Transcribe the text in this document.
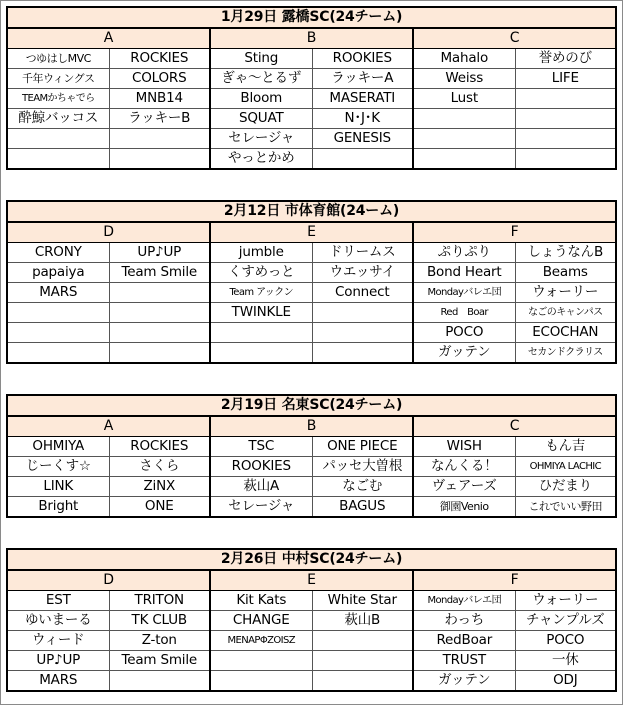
1月29日 露橋SC(24チーム)					
A		B		C	
つゆはしMVC	ROCKIES	Sting	ROOKIES	Mahalo	誉めのび
千年ウィングス	COLORS	ぎゃ～とるず	ラッキーA	Weiss	LIFE
TEAMかちゃでら	MNB14	Bloom	MASERATI	Lust	
酔鯨バッコス	ラッキーB	SQUAT	N･J･K		
		セレージャ	GENESIS		
		やっとかめ			
2月12日 市体育館(24ーム)					
D		E		F	
CRONY	UP♪UP	jumble	ドリームス	ぷりぷり	しょうなんB
papaiya	Team Smile	くすめっと	ウエッサイ	Bond Heart	Beams
MARS		Team アックン	Connect	Mondayバレエ団	ウォーリー
		TWINKLE		Red　Boar	なごのキャンパス
				POCO	ECOCHAN
				ガッテン	セカンドクラリス
2月19日 名東SC(24チーム)					
A		B		C	
OHMIYA	ROCKIES	TSC	ONE PIECE	WISH	もん吉
じーくす☆	さくら	ROOKIES	パッセ大曽根	なんくる！	OHMIYA LACHIC
LINK	ZiNX	萩山A	なごむ	ヴェアーズ	ひだまり
Bright	ONE	セレージャ	BAGUS	御園Venio	これでいい野田
2月26日 中村SC(24チーム)					
D		E		F	
EST	TRITON	Kit Kats	White Star	Mondayバレエ団	ウォーリー
ゆいまーる	TK CLUB	CHANGE	萩山B	わっち	チャンプルズ
ウィード	Z-ton	MENAPΦZOISZ		RedBoar	POCO
UP♪UP	Team Smile			TRUST	一休
MARS				ガッテン	ODJ
